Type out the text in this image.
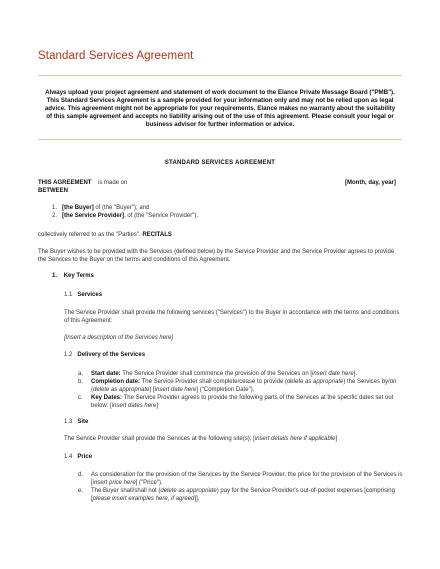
Standard Services Agreement

Always upload your project agreement and statement of work document to the Elance Private Message Board ("PMB").

This Standard Services Agreement is a sample provided for your information only and may not be relied upon as legal advice. This agreement might not be appropriate for your requirements. Elance makes no warranty about the suitability of this sample agreement and accepts no liability arising out of the use of this agreement. Please consult your legal or business advisor for further information or advice.

STANDARD SERVICES AGREEMENT
THIS AGREEMENT is made on	[Month, day, year]
BETWEEN
1. [the Buyer] of (the "Buyer"); and
2. [the Service Provider], of (the "Service Provider"),
collectively referred to as the "Parties". RECITALS
The Buyer wishes to be provided with the Services (defined below) by the Service Provider and the Service Provider agrees to provide the Services to the Buyer on the terms and conditions of this Agreement.
1. Key Terms
1.1 Services
The Service Provider shall provide the following services ("Services") to the Buyer in accordance with the terms and conditions of this Agreement:
[Insert a description of the Services here]
1.2 Delivery of the Services
a. Start date: The Service Provider shall commence the provision of the Services on [insert date here].
b. Completion date: The Service Provider shall complete/cease to provide (delete as appropriate) the Services by/on (delete as appropriate) [insert date here] ("Completion Date").
c. Key Dates: The Service Provider agrees to provide the following parts of the Services at the specific dates set out below: [insert dates here]
1.3 Site
The Service Provider shall provide the Services at the following site(s): [insert details here if applicable]
1.4 Price
d. As consideration for the provision of the Services by the Service Provider, the price for the provision of the Services is [insert price here] ("Price").
e. The Buyer shall/shall not (delete as appropriate) pay for the Service Provider's out-of-pocket expenses [comprising [please insert examples here, if agreed]].
